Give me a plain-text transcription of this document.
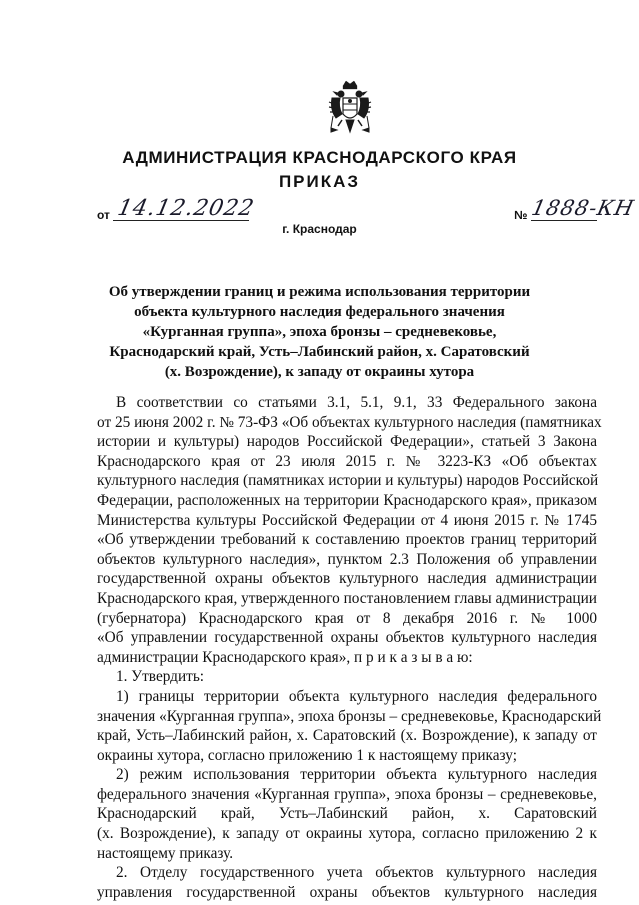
АДМИНИСТРАЦИЯ КРАСНОДАРСКОГО КРАЯ
ПРИКАЗ
от 14.12.2022	№ 1888-КН
г. Краснодар
Об утверждении границ и режима использования территории
объекта культурного наследия федерального значения
«Курганная группа», эпоха бронзы – средневековье,
Краснодарский край, Усть–Лабинский район, х. Саратовский
(х. Возрождение), к западу от окраины хутора
В соответствии со статьями 3.1, 5.1, 9.1, 33 Федерального закона
от 25 июня 2002 г. № 73-ФЗ «Об объектах культурного наследия (памятниках
истории и культуры) народов Российской Федерации», статьей 3 Закона
Краснодарского края от 23 июля 2015 г. № 3223-КЗ «Об объектах
культурного наследия (памятниках истории и культуры) народов Российской
Федерации, расположенных на территории Краснодарского края», приказом
Министерства культуры Российской Федерации от 4 июня 2015 г. № 1745
«Об утверждении требований к составлению проектов границ территорий
объектов культурного наследия», пунктом 2.3 Положения об управлении
государственной охраны объектов культурного наследия администрации
Краснодарского края, утвержденного постановлением главы администрации
(губернатора) Краснодарского края от 8 декабря 2016 г. № 1000
«Об управлении государственной охраны объектов культурного наследия
администрации Краснодарского края», п р и к а з ы в а ю:
1. Утвердить:
1) границы территории объекта культурного наследия федерального
значения «Курганная группа», эпоха бронзы – средневековье, Краснодарский
край, Усть–Лабинский район, х. Саратовский (х. Возрождение), к западу от
окраины хутора, согласно приложению 1 к настоящему приказу;
2) режим использования территории объекта культурного наследия
федерального значения «Курганная группа», эпоха бронзы – средневековье,
Краснодарский край, Усть–Лабинский район, х. Саратовский
(х. Возрождение), к западу от окраины хутора, согласно приложению 2 к
настоящему приказу.
2. Отделу государственного учета объектов культурного наследия
управления государственной охраны объектов культурного наследия
